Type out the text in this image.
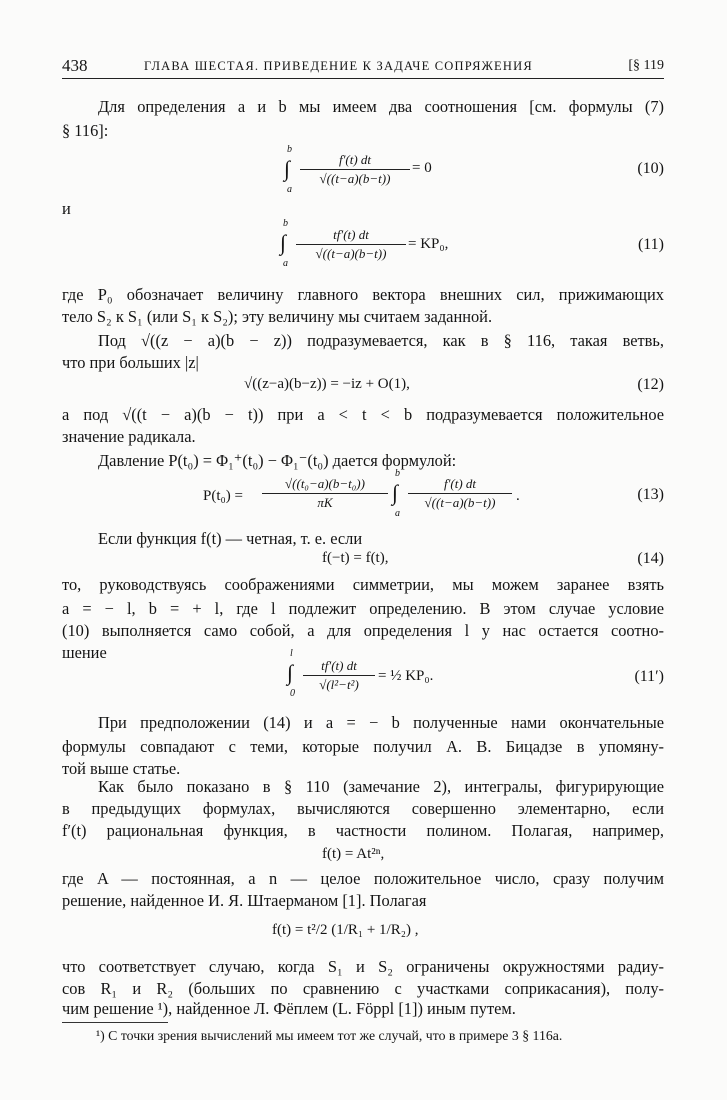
438	ГЛАВА ШЕСТАЯ. ПРИВЕДЕНИЕ К ЗАДАЧЕ СОПРЯЖЕНИЯ	[§ 119
Для определения a и b мы имеем два соотношения [см. формулы (7)
§ 116]:
b
∫
a
f′(t) dt
√((t−a)(b−t))
= 0	(10)
и
b
∫
a
tf′(t) dt
√((t−a)(b−t))
= KP₀,	(11)
где P₀ обозначает величину главного вектора внешних сил, прижимающих
тело S₂ к S₁ (или S₁ к S₂); эту величину мы считаем заданной.
Под √((z − a)(b − z)) подразумевается, как в § 116, такая ветвь,
что при больших |z|
√((z−a)(b−z)) = −iz + O(1),	(12)
а под √((t − a)(b − t)) при a < t < b подразумевается положительное
значение радикала.
Давление P(t₀) = Φ₁⁺(t₀) − Φ₁⁻(t₀) дается формулой:
P(t₀) =
√((t₀−a)(b−t₀))
πK
b
∫
a
f′(t) dt
√((t−a)(b−t))	.	(13)
Если функция f(t) — четная, т. е. если
f(−t) = f(t),	(14)
то, руководствуясь соображениями симметрии, мы можем заранее взять
a = − l, b = + l, где l подлежит определению. В этом случае условие
(10) выполняется само собой, а для определения l у нас остается соотно-
шение	l
∫
0
tf′(t) dt
√(l²−t²)
= ½ KP₀.	(11′)
При предположении (14) и a = − b полученные нами окончательные
формулы совпадают с теми, которые получил А. В. Бицадзе в упомяну-
той выше статье.
Как было показано в § 110 (замечание 2), интегралы, фигурирующие
в предыдущих формулах, вычисляются совершенно элементарно, если
f′(t) рациональная функция, в частности полином. Полагая, например,
f(t) = At²ⁿ,
где A — постоянная, а n — целое положительное число, сразу получим
решение, найденное И. Я. Штаерманом [1]. Полагая
f(t) = t²/2 (1/R₁ + 1/R₂) ,
что соответствует случаю, когда S₁ и S₂ ограничены окружностями радиу-
сов R₁ и R₂ (больших по сравнению с участками соприкасания), полу-
чим решение ¹), найденное Л. Фёплем (L. Föppl [1]) иным путем.
¹) С точки зрения вычислений мы имеем тот же случай, что в примере 3 § 116а.
